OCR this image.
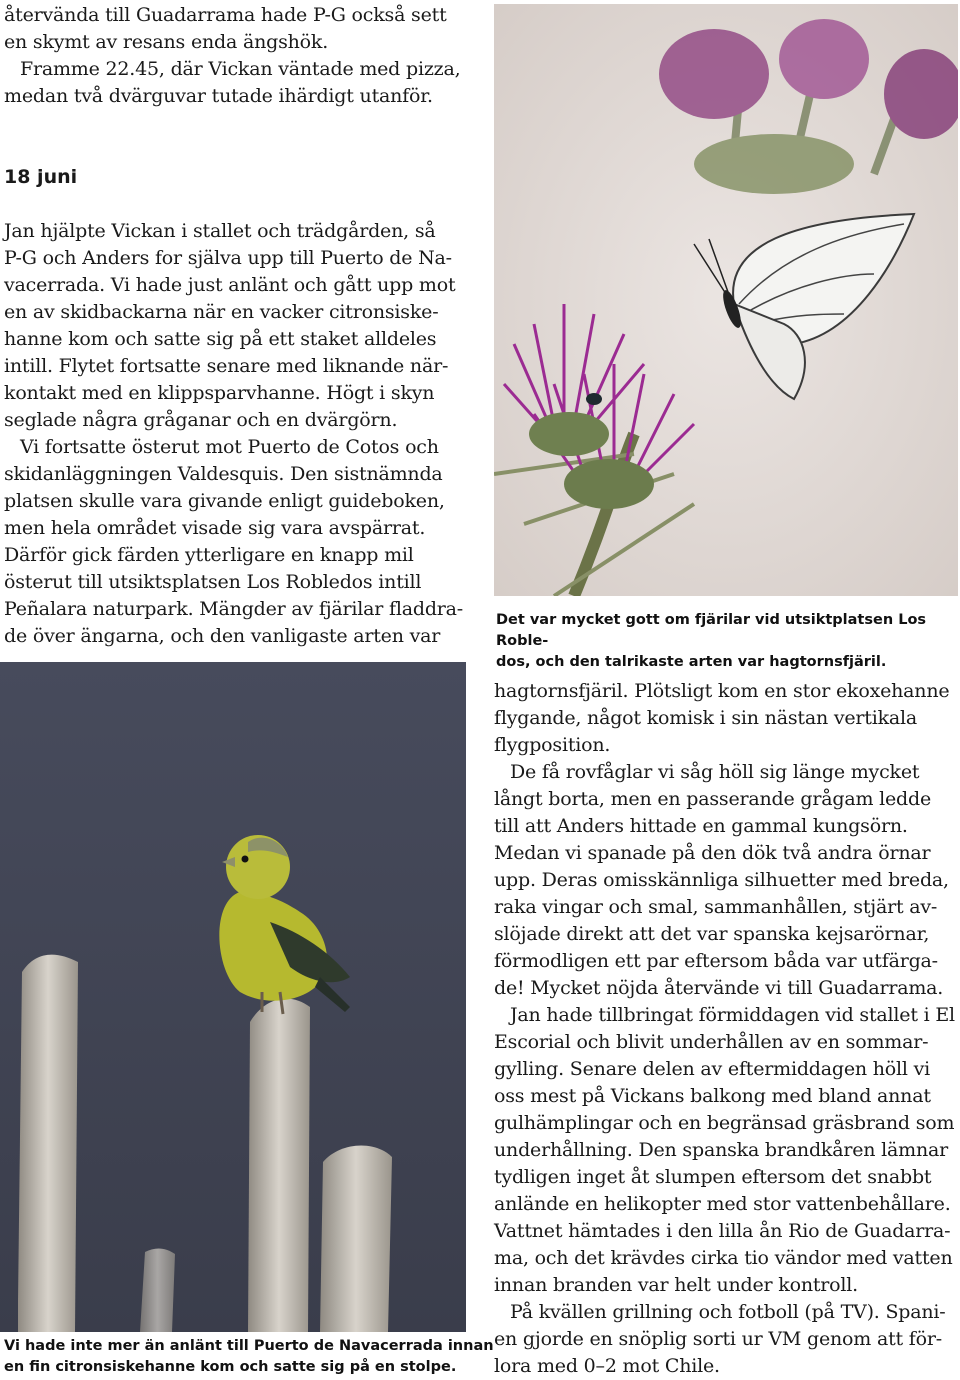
återvända till Guadarrama hade P-G också sett
en skymt av resans enda ängshök.

Framme 22.45, där Vickan väntade med pizza,
medan två dvärguvar tutade ihärdigt utanför.

18 juni

Jan hjälpte Vickan i stallet och trädgården, så
P-G och Anders for själva upp till Puerto de Na-
vacerrada. Vi hade just anlänt och gått upp mot
en av skidbackarna när en vacker citronsiske-
hanne kom och satte sig på ett staket alldeles
intill. Flytet fortsatte senare med liknande när-
kontakt med en klippsparvhanne. Högt i skyn
seglade några gråganar och en dvärgörn.

Vi fortsatte österut mot Puerto de Cotos och
skidanläggningen Valdesquis. Den sistnämnda
platsen skulle vara givande enligt guideboken,
men hela området visade sig vara avspärrat.
Därför gick färden ytterligare en knapp mil
österut till utsiktsplatsen Los Robledos intill
Peñalara naturpark. Mängder av fjärilar fladdra-
de över ängarna, och den vanligaste arten var

Det var mycket gott om fjärilar vid utsiktplatsen Los Roble-
dos, och den talrikaste arten var hagtornsfjäril.

hagtornsfjäril. Plötsligt kom en stor ekoxehanne
flygande, något komisk i sin nästan vertikala
flygposition.

De få rovfåglar vi såg höll sig länge mycket
långt borta, men en passerande grågam ledde
till att Anders hittade en gammal kungsörn.
Medan vi spanade på den dök två andra örnar
upp. Deras omisskännliga silhuetter med breda,
raka vingar och smal, sammanhållen, stjärt av-
slöjade direkt att det var spanska kejsarörnar,
förmodligen ett par eftersom båda var utfärga-
de! Mycket nöjda återvände vi till Guadarrama.

Jan hade tillbringat förmiddagen vid stallet i El
Escorial och blivit underhållen av en sommar-
gylling. Senare delen av eftermiddagen höll vi
oss mest på Vickans balkong med bland annat
gulhämplingar och en begränsad gräsbrand som
underhållning. Den spanska brandkåren lämnar
tydligen inget åt slumpen eftersom det snabbt
anlände en helikopter med stor vattenbehållare.
Vattnet hämtades i den lilla ån Rio de Guadarra-
ma, och det krävdes cirka tio vändor med vatten
innan branden var helt under kontroll.

På kvällen grillning och fotboll (på TV). Spani-
en gjorde en snöplig sorti ur VM genom att för-
lora med 0–2 mot Chile.

Vi hade inte mer än anlänt till Puerto de Navacerrada innan
en fin citronsiskehanne kom och satte sig på en stolpe.
